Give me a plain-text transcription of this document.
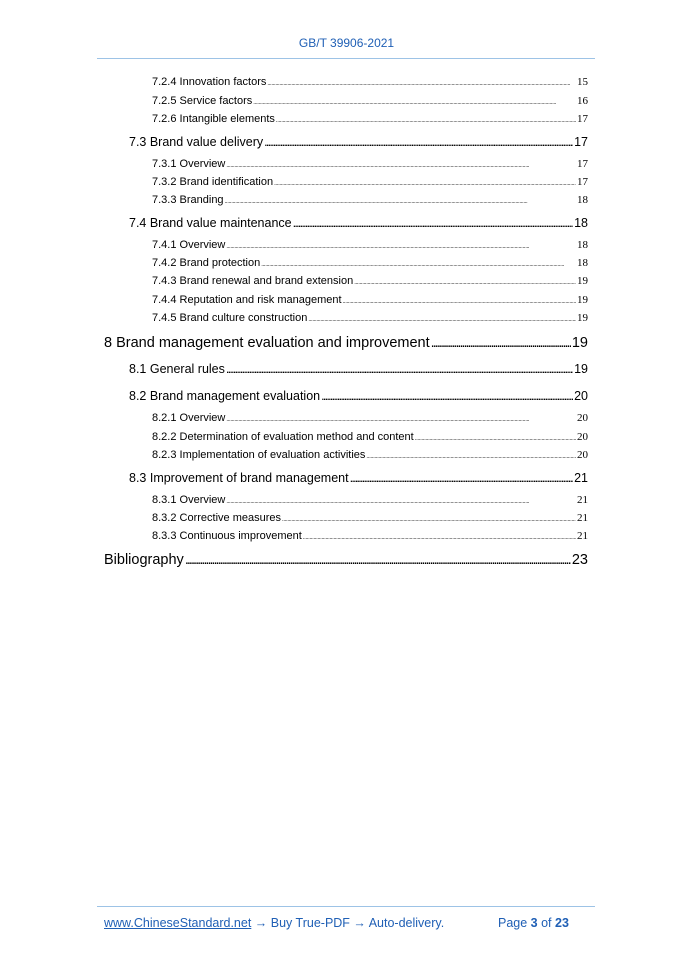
GB/T 39906-2021
7.2.4 Innovation factors . . .	15
7.2.5 Service factors . . .	16
7.2.6 Intangible elements . . .	17
7.3 Brand value delivery . . .	17
7.3.1 Overview . . .	17
7.3.2 Brand identification . . .	17
7.3.3 Branding . . .	18
7.4 Brand value maintenance . . .	18
7.4.1 Overview . . .	18
7.4.2 Brand protection . . .	18
7.4.3 Brand renewal and brand extension . . .	19
7.4.4 Reputation and risk management . . .	19
7.4.5 Brand culture construction . . .	19
8 Brand management evaluation and improvement . . .	19
8.1 General rules . . .	19
8.2 Brand management evaluation . . .	20
8.2.1 Overview . . .	20
8.2.2 Determination of evaluation method and content . . .	20
8.2.3 Implementation of evaluation activities . . .	20
8.3 Improvement of brand management . . .	21
8.3.1 Overview . . .	21
8.3.2 Corrective measures . . .	21
8.3.3 Continuous improvement . . .	21
Bibliography . . .	23
www.ChineseStandard.net → Buy True-PDF → Auto-delivery.	Page 3 of 23
